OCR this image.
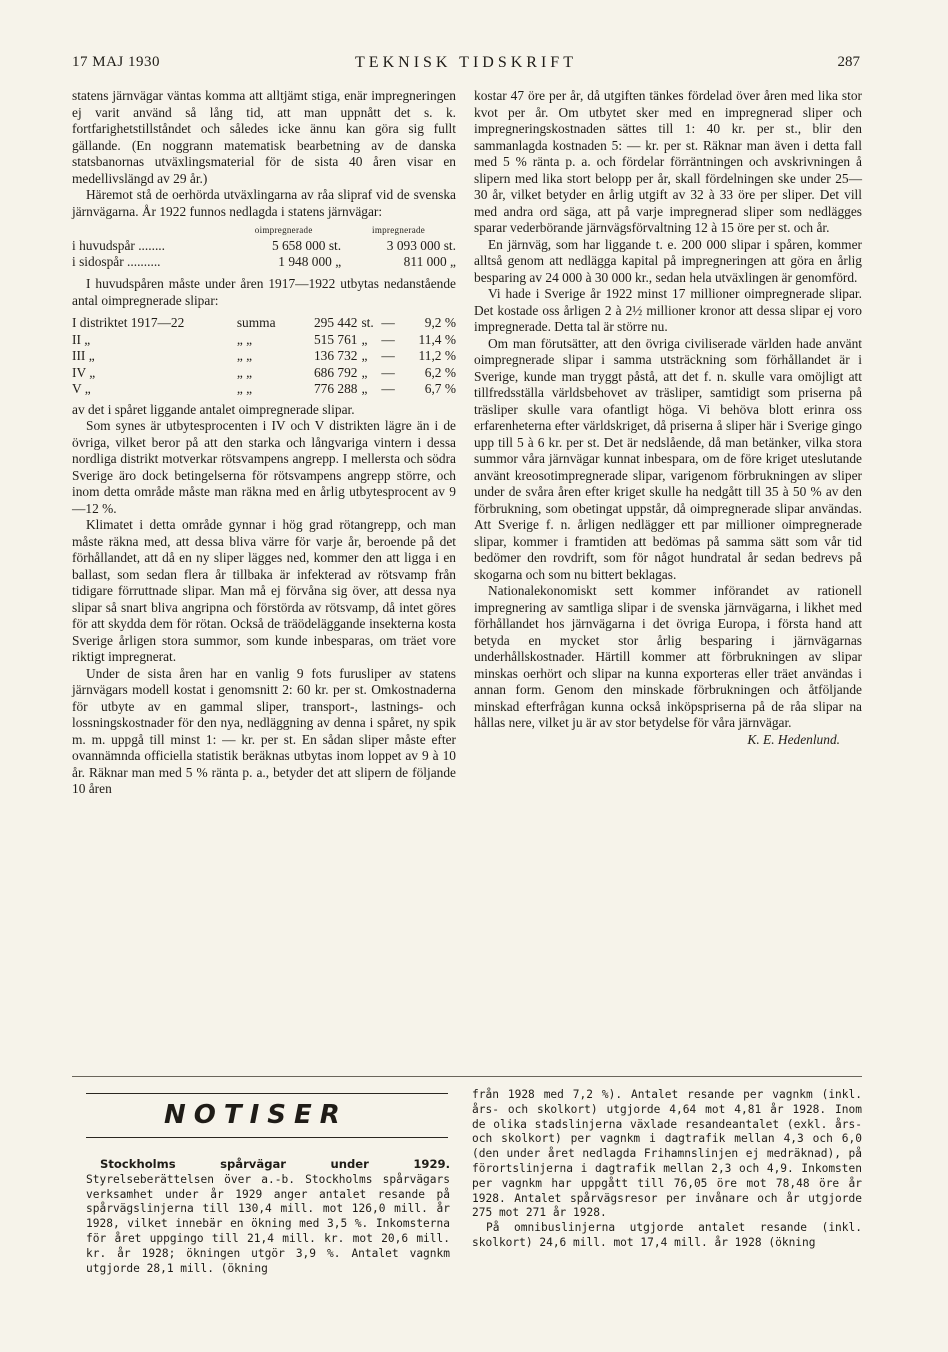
17 MAJ 1930	TEKNISK TIDSKRIFT	287

statens järnvägar väntas komma att alltjämt stiga, enär impregneringen ej varit använd så lång tid, att man uppnått det s. k. fortfarighetstillståndet och således icke ännu kan göra sig fullt gällande. (En noggrann matematisk bearbetning av de danska statsbanornas utväxlingsmaterial för de sista 40 åren visar en medellivslängd av 29 år.)

Häremot stå de oerhörda utväxlingarna av råa slipraf vid de svenska järnvägarna. År 1922 funnos nedlagda i statens järnvägar:

	oimpregnerade	impregnerade
i huvudspår ........	5 658 000 st.	3 093 000 st.
i sidospår ..........	1 948 000 „	811 000 „

I huvudspåren måste under åren 1917—1922 utbytas nedanstående antal oimpregnerade slipar:

I distriktet 1917—22	summa	295 442	st.	—	9,2 %
II „	„ „	515 761	„	—	11,4 %
III „	„ „	136 732	„	—	11,2 %
IV „	„ „	686 792	„	—	6,2 %
V „	„ „	776 288	„	—	6,7 %

av det i spåret liggande antalet oimpregnerade slipar.

Som synes är utbytesprocenten i IV och V distrikten lägre än i de övriga, vilket beror på att den starka och långvariga vintern i dessa nordliga distrikt motverkar rötsvampens angrepp. I mellersta och södra Sverige äro dock betingelserna för rötsvampens angrepp större, och inom detta område måste man räkna med en årlig utbytesprocent av 9—12 %.

Klimatet i detta område gynnar i hög grad rötangrepp, och man måste räkna med, att dessa bliva värre för varje år, beroende på det förhållandet, att då en ny sliper lägges ned, kommer den att ligga i en ballast, som sedan flera år tillbaka är infekterad av rötsvamp från tidigare förruttnade slipar. Man må ej förvåna sig över, att dessa nya slipar så snart bliva angripna och förstörda av rötsvamp, då intet göres för att skydda dem för rötan. Också de träödeläggande insekterna kosta Sverige årligen stora summor, som kunde inbesparas, om träet vore riktigt impregnerat.

Under de sista åren har en vanlig 9 fots furusliper av statens järnvägars modell kostat i genomsnitt 2: 60 kr. per st. Omkostnaderna för utbyte av en gammal sliper, transport-, lastnings- och lossningskostnader för den nya, nedläggning av denna i spåret, ny spik m. m. uppgå till minst 1: — kr. per st. En sådan sliper måste efter ovannämnda officiella statistik beräknas utbytas inom loppet av 9 à 10 år. Räknar man med 5 % ränta p. a., betyder det att slipern de följande 10 åren

kostar 47 öre per år, då utgiften tänkes fördelad över åren med lika stor kvot per år. Om utbytet sker med en impregnerad sliper och impregneringskostnaden sättes till 1: 40 kr. per st., blir den sammanlagda kostnaden 5: — kr. per st. Räknar man även i detta fall med 5 % ränta p. a. och fördelar förräntningen och avskrivningen å slipern med lika stort belopp per år, skall fördelningen ske under 25—30 år, vilket betyder en årlig utgift av 32 à 33 öre per sliper. Det vill med andra ord säga, att på varje impregnerad sliper som nedlägges sparar vederbörande järnvägsförvaltning 12 à 15 öre per st. och år.

En järnväg, som har liggande t. e. 200 000 slipar i spåren, kommer alltså genom att nedlägga kapital på impregneringen att göra en årlig besparing av 24 000 à 30 000 kr., sedan hela utväxlingen är genomförd.

Vi hade i Sverige år 1922 minst 17 millioner oimpregnerade slipar. Det kostade oss årligen 2 à 2½ millioner kronor att dessa slipar ej voro impregnerade. Detta tal är större nu.

Om man förutsätter, att den övriga civiliserade världen hade använt oimpregnerade slipar i samma utsträckning som förhållandet är i Sverige, kunde man tryggt påstå, att det f. n. skulle vara omöjligt att tillfredsställa världsbehovet av träsliper, samtidigt som priserna på träsliper skulle vara ofantligt höga. Vi behöva blott erinra oss erfarenheterna efter världskriget, då priserna å sliper här i Sverige gingo upp till 5 à 6 kr. per st. Det är nedslående, då man betänker, vilka stora summor våra järnvägar kunnat inbespara, om de före kriget uteslutande använt kreosotimpregnerade slipar, varigenom förbrukningen av sliper under de svåra åren efter kriget skulle ha nedgått till 35 à 50 % av den förbrukning, som obetingat uppstår, då oimpregnerade slipar användas. Att Sverige f. n. årligen nedlägger ett par millioner oimpregnerade slipar, kommer i framtiden att bedömas på samma sätt som vår tid bedömer den rovdrift, som för något hundratal år sedan bedrevs på skogarna och som nu bittert beklagas.

Nationalekonomiskt sett kommer införandet av rationell impregnering av samtliga slipar i de svenska järnvägarna, i likhet med förhållandet hos järnvägarna i det övriga Europa, i första hand att betyda en mycket stor årlig besparing i järnvägarnas underhållskostnader. Härtill kommer att förbrukningen av slipar minskas oerhört och slipar na kunna exporteras eller träet användas i annan form. Genom den minskade förbrukningen och åtföljande minskad efterfrågan kunna också inköpspriserna på de råa slipar na hållas nere, vilket ju är av stor betydelse för våra järnvägar.

K. E. Hedenlund.

NOTISER

Stockholms spårvägar under 1929. Styrelseberättelsen över a.-b. Stockholms spårvägars verksamhet under år 1929 anger antalet resande på spårvägslinjerna till 130,4 mill. mot 126,0 mill. år 1928, vilket innebär en ökning med 3,5 %. Inkomsterna för året uppgingo till 21,4 mill. kr. mot 20,6 mill. kr. år 1928; ökningen utgör 3,9 %. Antalet vagnkm utgjorde 28,1 mill. (ökning

från 1928 med 7,2 %). Antalet resande per vagnkm (inkl. års- och skolkort) utgjorde 4,64 mot 4,81 år 1928. Inom de olika stadslinjerna växlade resandeantalet (exkl. års- och skolkort) per vagnkm i dagtrafik mellan 4,3 och 6,0 (den under året nedlagda Frihamnslinjen ej medräknad), på förortslinjerna i dagtrafik mellan 2,3 och 4,9. Inkomsten per vagnkm har uppgått till 76,05 öre mot 78,48 öre år 1928. Antalet spårvägsresor per invånare och år utgjorde 275 mot 271 år 1928.

På omnibuslinjerna utgjorde antalet resande (inkl. skolkort) 24,6 mill. mot 17,4 mill. år 1928 (ökning
